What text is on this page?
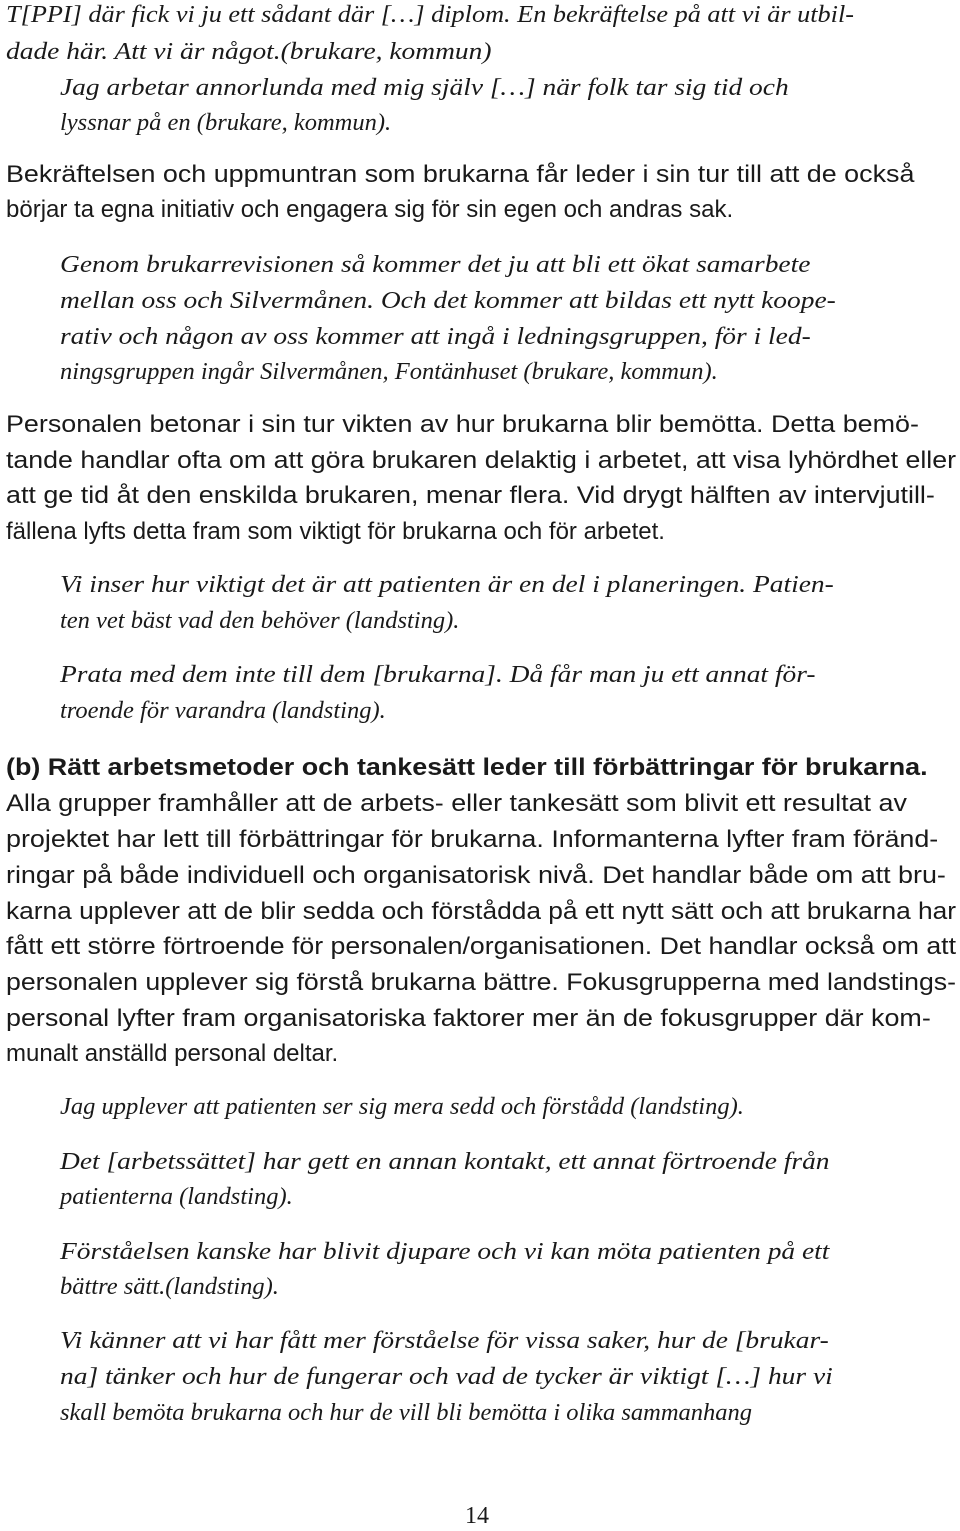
T[PPI] där fick vi ju ett sådant där […] diplom. En bekräftelse på att vi är utbil-
dade här. Att vi är något.(brukare, kommun)
Jag arbetar annorlunda med mig själv […] när folk tar sig tid och
lyssnar på en (brukare, kommun).
Bekräftelsen och uppmuntran som brukarna får leder i sin tur till att de också
börjar ta egna initiativ och engagera sig för sin egen och andras sak.
Genom brukarrevisionen så kommer det ju att bli ett ökat samarbete
mellan oss och Silvermånen. Och det kommer att bildas ett nytt koope-
rativ och någon av oss kommer att ingå i ledningsgruppen, för i led-
ningsgruppen ingår Silvermånen, Fontänhuset (brukare, kommun).
Personalen betonar i sin tur vikten av hur brukarna blir bemötta. Detta bemö-
tande handlar ofta om att göra brukaren delaktig i arbetet, att visa lyhördhet eller
att ge tid åt den enskilda brukaren, menar flera. Vid drygt hälften av intervjutill-
fällena lyfts detta fram som viktigt för brukarna och för arbetet.
Vi inser hur viktigt det är att patienten är en del i planeringen. Patien-
ten vet bäst vad den behöver (landsting).
Prata med dem inte till dem [brukarna]. Då får man ju ett annat för-
troende för varandra (landsting).
(b) Rätt arbetsmetoder och tankesätt leder till förbättringar för brukarna.
Alla grupper framhåller att de arbets- eller tankesätt som blivit ett resultat av
projektet har lett till förbättringar för brukarna. Informanterna lyfter fram föränd-
ringar på både individuell och organisatorisk nivå. Det handlar både om att bru-
karna upplever att de blir sedda och förstådda på ett nytt sätt och att brukarna har
fått ett större förtroende för personalen/organisationen. Det handlar också om att
personalen upplever sig förstå brukarna bättre. Fokusgrupperna med landstings-
personal lyfter fram organisatoriska faktorer mer än de fokusgrupper där kom-
munalt anställd personal deltar.
Jag upplever att patienten ser sig mera sedd och förstådd (landsting).
Det [arbetssättet] har gett en annan kontakt, ett annat förtroende från
patienterna (landsting).
Förståelsen kanske har blivit djupare och vi kan möta patienten på ett
bättre sätt.(landsting).
Vi känner att vi har fått mer förståelse för vissa saker, hur de [brukar-
na] tänker och hur de fungerar och vad de tycker är viktigt […] hur vi
skall bemöta brukarna och hur de vill bli bemötta i olika sammanhang
14
